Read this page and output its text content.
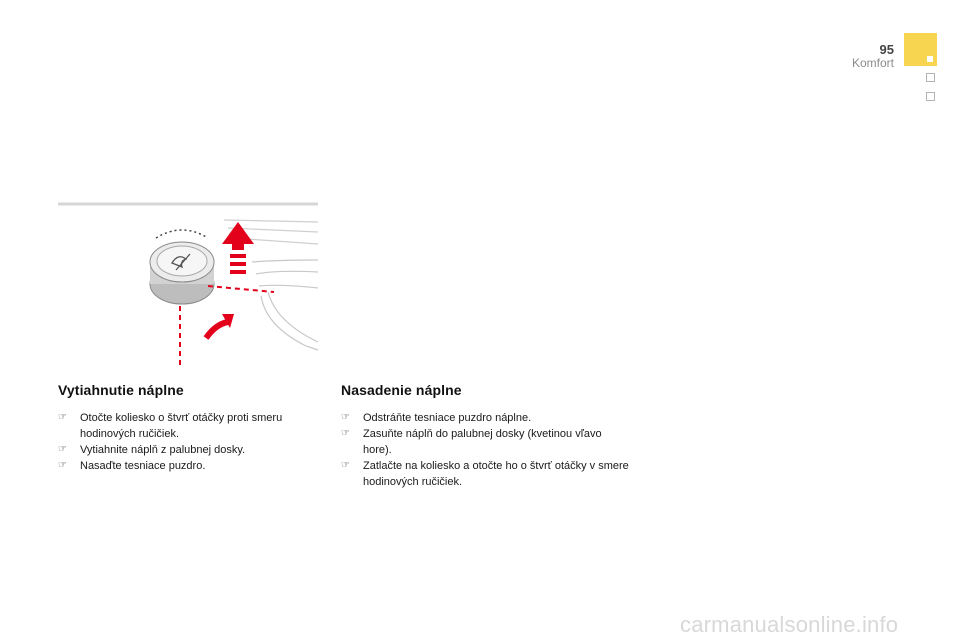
95
Komfort
Vytiahnutie náplne
☞ Otočte koliesko o štvrť otáčky proti smeru hodinových ručičiek.
☞ Vytiahnite náplň z palubnej dosky.
☞ Nasaďte tesniace puzdro.
Nasadenie náplne
☞ Odstráňte tesniace puzdro náplne.
☞ Zasuňte náplň do palubnej dosky (kvetinou vľavo hore).
☞ Zatlačte na koliesko a otočte ho o štvrť otáčky v smere hodinových ručičiek.
carmanualsonline.info
